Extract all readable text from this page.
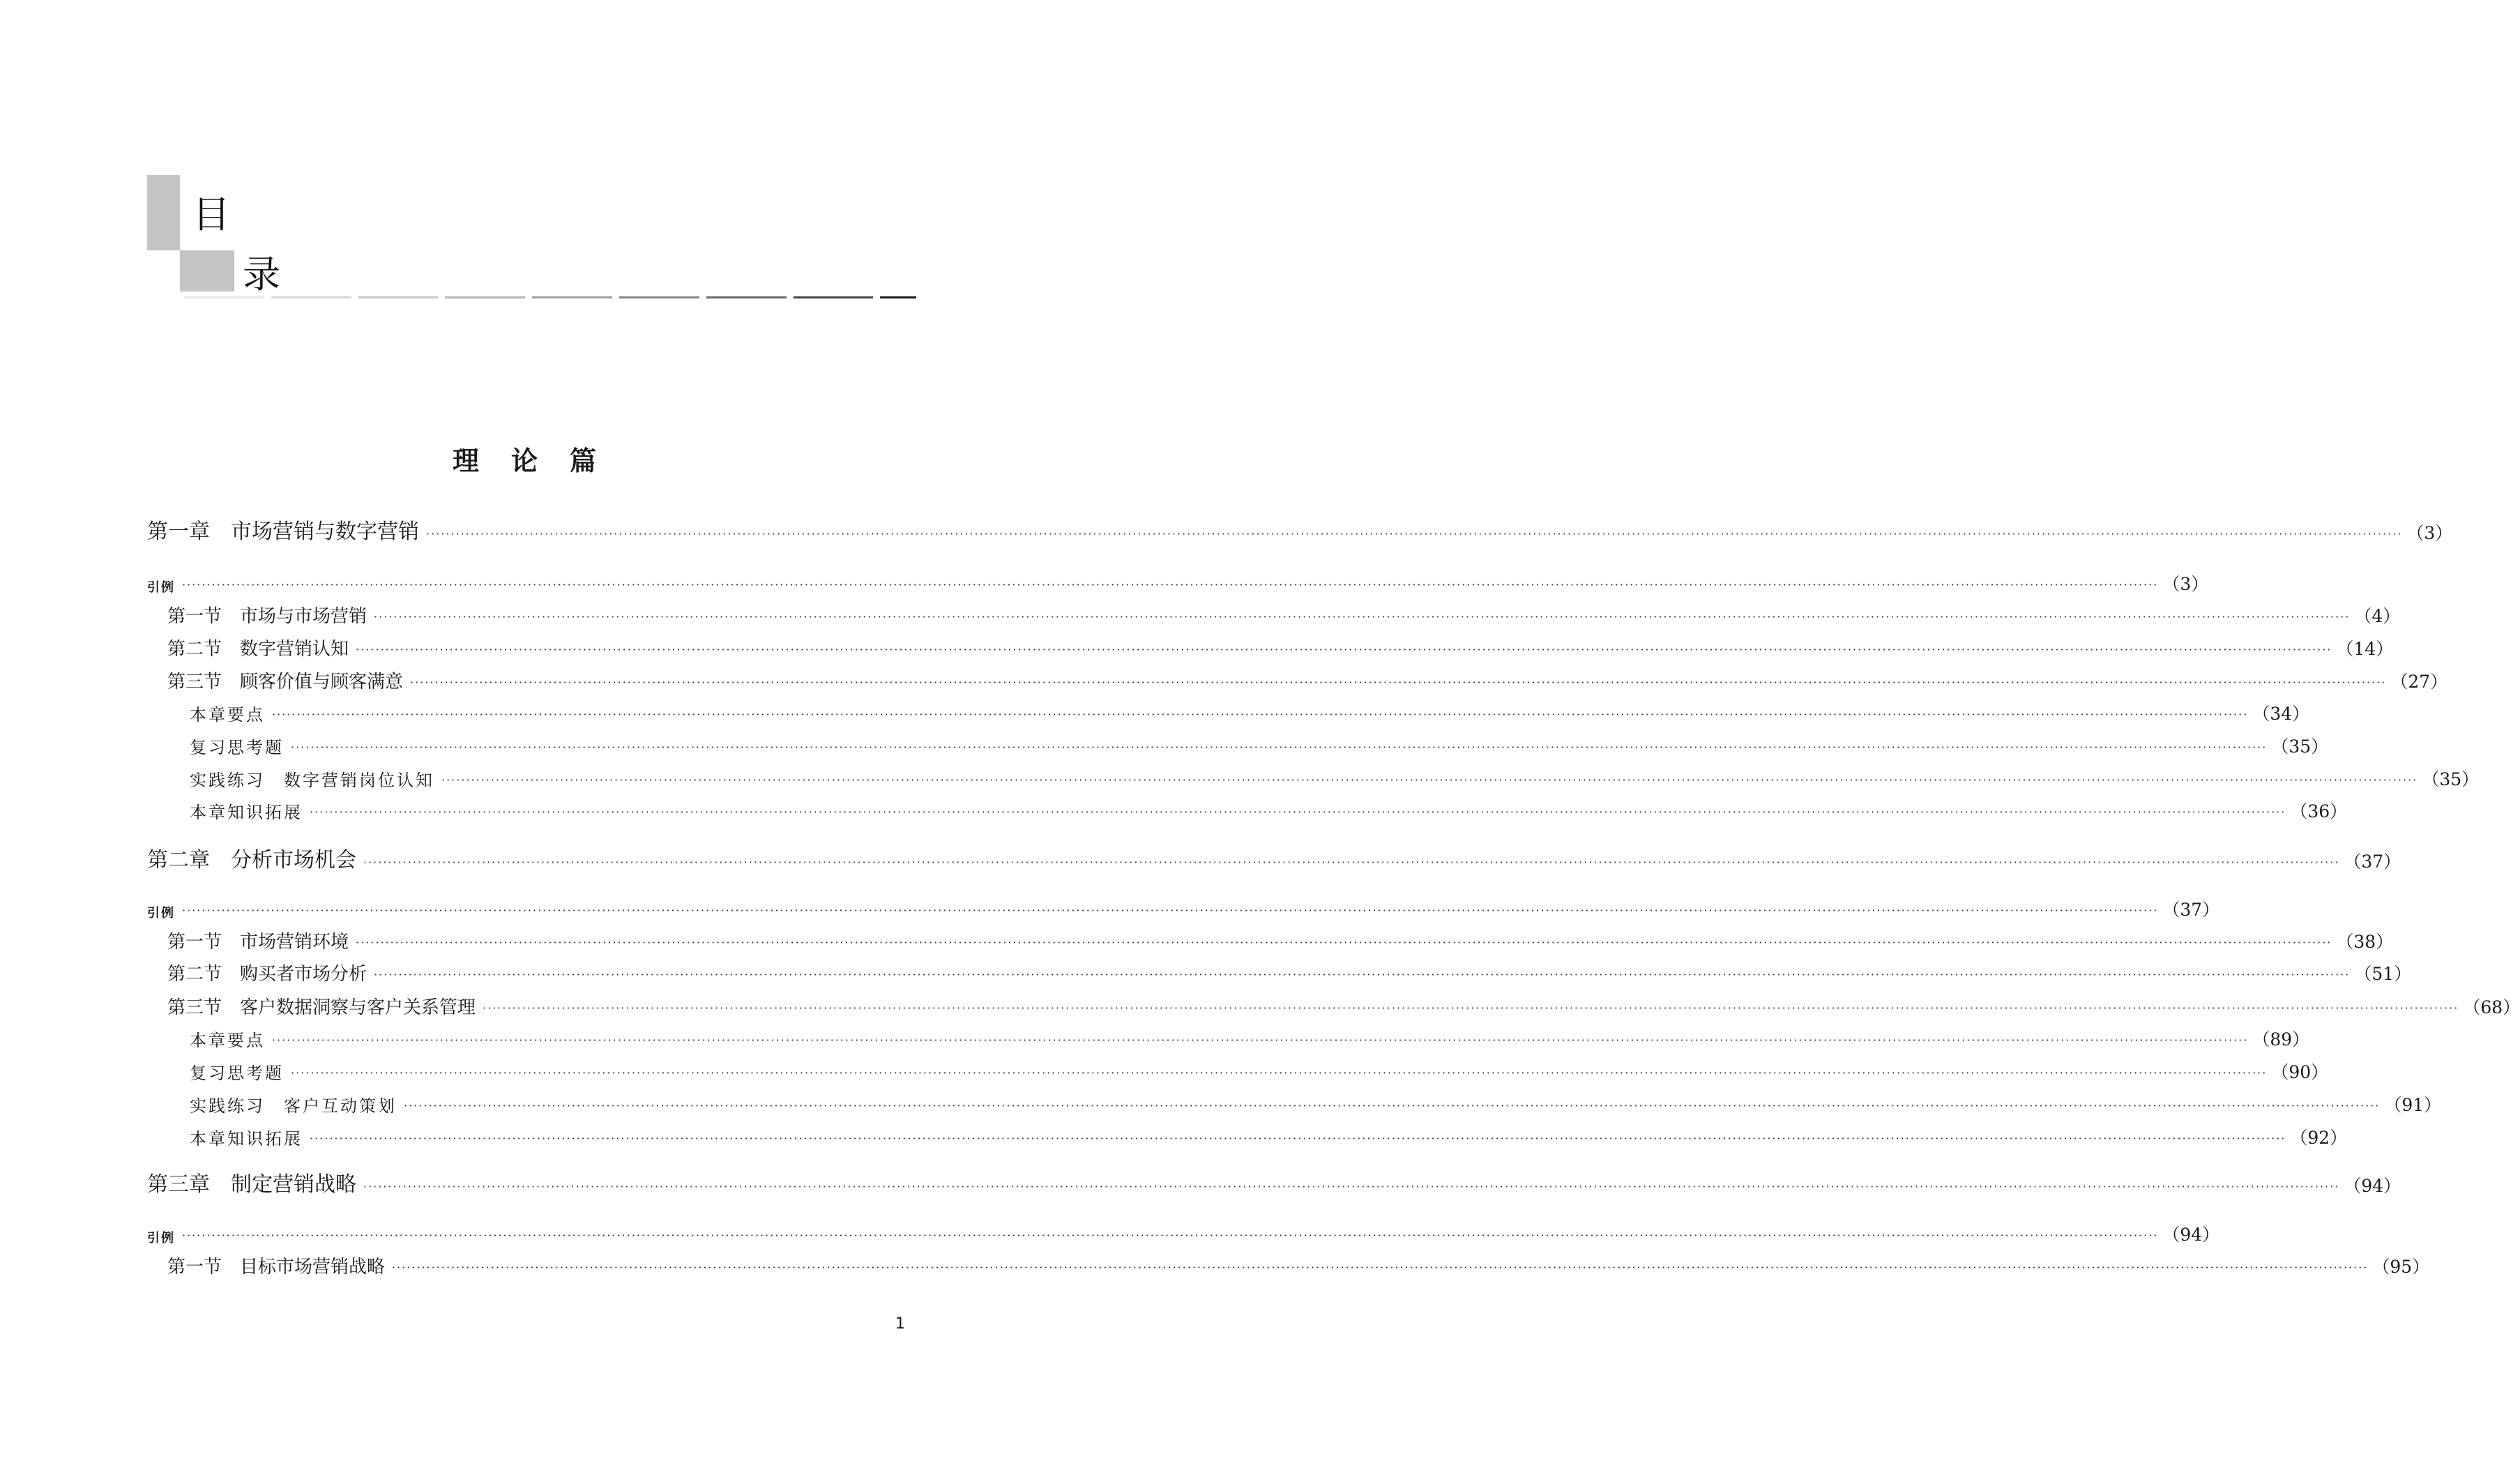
目
录
理论篇
第一章　市场营销与数字营销 ················································································································································································································································································································································································································ （3）
引例 ················································································································································································································································································································································································································ （3）
第一节　市场与市场营销 ················································································································································································································································································································································································································ （4）
第二节　数字营销认知 ················································································································································································································································································································································································································ （14）
第三节　顾客价值与顾客满意 ················································································································································································································································································································································································································ （27）
本章要点 ················································································································································································································································································································································································································ （34）
复习思考题 ················································································································································································································································································································································································································ （35）
实践练习　数字营销岗位认知 ················································································································································································································································································································································································································ （35）
本章知识拓展 ················································································································································································································································································································································································································ （36）
第二章　分析市场机会 ················································································································································································································································································································································································································ （37）
引例 ················································································································································································································································································································································································································ （37）
第一节　市场营销环境 ················································································································································································································································································································································································································ （38）
第二节　购买者市场分析 ················································································································································································································································································································································································································ （51）
第三节　客户数据洞察与客户关系管理 ················································································································································································································································································································································································································ （68）
本章要点 ················································································································································································································································································································································································································ （89）
复习思考题 ················································································································································································································································································································································································································ （90）
实践练习　客户互动策划 ················································································································································································································································································································································································································ （91）
本章知识拓展 ················································································································································································································································································································································································································ （92）
第三章　制定营销战略 ················································································································································································································································································································································································································ （94）
引例 ················································································································································································································································································································································································································ （94）
第一节　目标市场营销战略 ················································································································································································································································································································································································································ （95）
1
